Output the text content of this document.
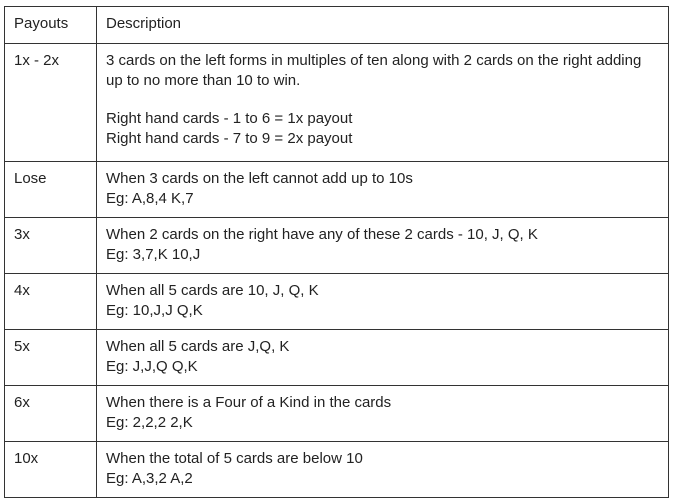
Payouts	Description
1x - 2x	3 cards on the left forms in multiples of ten along with 2 cards on the right adding up to no more than 10 to win.
Right hand cards - 1 to 6 = 1x payout
Right hand cards - 7 to 9 = 2x payout

Lose	When 3 cards on the left cannot add up to 10s
Eg: A,8,4 K,7

3x	When 2 cards on the right have any of these 2 cards - 10, J, Q, K
Eg: 3,7,K 10,J

4x	When all 5 cards are 10, J, Q, K
Eg: 10,J,J Q,K

5x	When all 5 cards are J,Q, K
Eg: J,J,Q Q,K

6x	When there is a Four of a Kind in the cards
Eg: 2,2,2 2,K

10x	When the total of 5 cards are below 10
Eg: A,3,2 A,2
